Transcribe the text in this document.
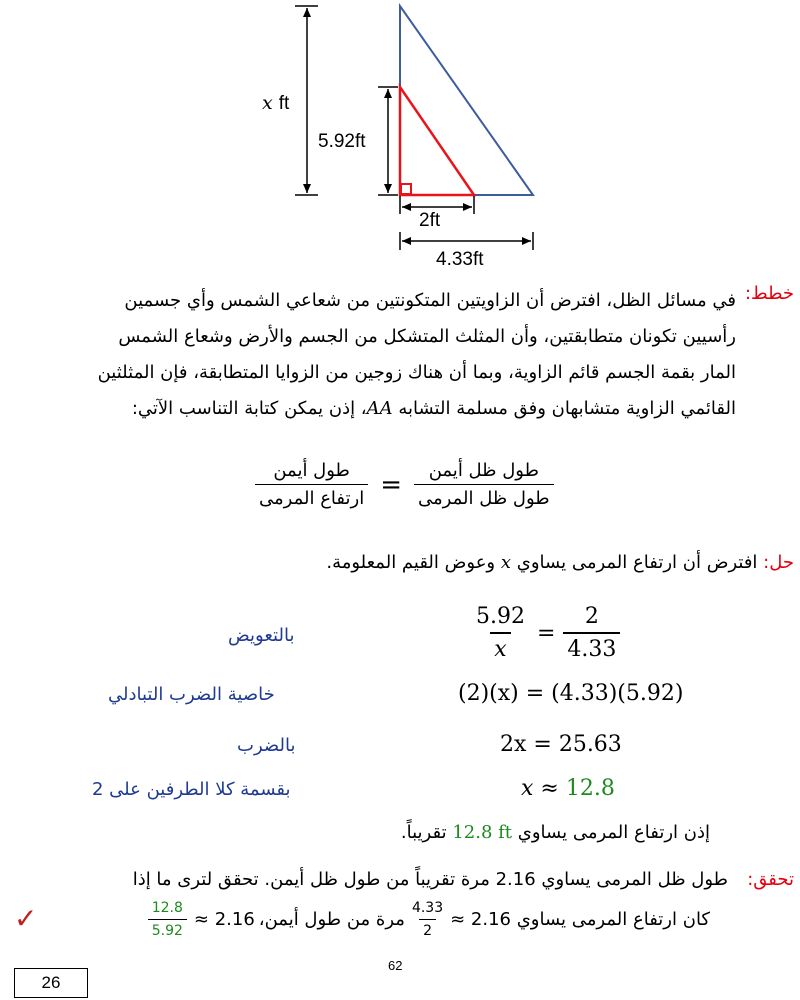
x ft
5.92ft
2ft
4.33ft
خطط:
في مسائل الظل، افترض أن الزاويتين المتكونتين من شعاعي الشمس وأي جسمين
رأسيين تكونان متطابقتين، وأن المثلث المتشكل من الجسم والأرض وشعاع الشمس
المار بقمة الجسم قائم الزاوية، وبما أن هناك زوجين من الزوايا المتطابقة، فإن المثلثين
القائمي الزاوية متشابهان وفق مسلمة التشابه AA، إذن يمكن كتابة التناسب الآتي:
$\frac{\text{طول ظل أيمن}}{\text{طول ظل المرمى}}$
=
$\frac{\text{طول أيمن}}{\text{ارتفاع المرمى}}$
حل: افترض أن ارتفاع المرمى يساوي x وعوض القيم المعلومة.
بالتعويض	$\frac{5.92}{x} = \frac{2}{4.33}$
خاصية الضرب التبادلي	(2)(x) = (4.33)(5.92)
بالضرب	2x = 25.63
بقسمة كلا الطرفين على 2	x ≈ 12.8
إذن ارتفاع المرمى يساوي 12.8 ft تقريباً.
تحقق:
طول ظل المرمى يساوي 2.16 مرة تقريباً من طول ظل أيمن. تحقق لترى ما إذا
كان ارتفاع المرمى يساوي 2.16 ≈
$\frac{4.33}{2}$
مرة من طول أيمن،
2.16 ≈
$\frac{12.8}{5.92}$
✓
62
26
